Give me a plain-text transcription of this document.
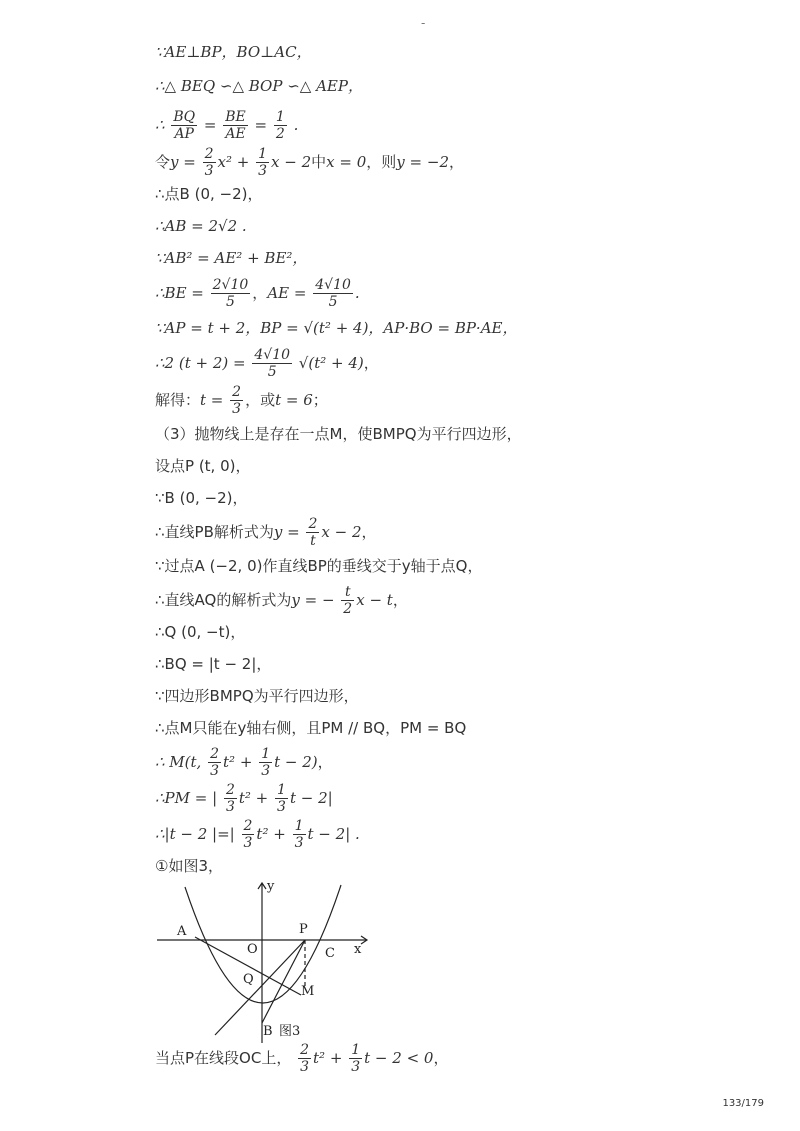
-
∵AE⊥BP，BO⊥AC，
∴△ BEQ ∽△ BOP ∽△ AEP，
∴ $\frac{BQ}{AP} = \frac{BE}{AE} = \frac{1}{2}$ .
令$y = \frac{2}{3} x^2 + \frac{1}{3}$ x − 2中x = 0，则y = −2，
∴点B (0, −2)，
∴AB = 2√2 .
∵AB² = AE² + BE²，
∴BE = $\frac{2√10}{5}$ ，AE = $\frac{4√10}{5}$ .
∵AP = t + 2，BP = √(t² + 4)，AP·BO = BP·AE，
∴2 $(t + 2) = \frac{4√10}{5} √(t^2 + 4)$，
解得：$t = \frac{2}{3}$ ，或t = 6；
（3）抛物线上是存在一点M，使BMPQ为平行四边形，
设点P (t, 0)，
∵B (0, −2)，
∴直线PB解析式为$y = \frac{2}{t}$ x − 2，
∵过点A (−2, 0)作直线BP的垂线交于y轴于点Q，
∴直线AQ的解析式为y = − $\frac{t}{2}$ x − t，
∴Q (0, −t)，
∴BQ = |t − 2|，
∵四边形BMPQ为平行四边形，
∴点M只能在y轴右侧，且PM // BQ，PM = BQ
∴ M(t, $\frac{2}{3} t^2 + \frac{1}{3}$ t − 2)，
∴PM = | $\frac{2}{3} t^2 + \frac{1}{3}$ t − 2|
∴|t − 2 |=| $\frac{2}{3} t^2 + \frac{1}{3}$ t − 2| .
①如图3，
当点P在线段OC上， $\frac{2}{3} t^2 + \frac{1}{3}$ t − 2 < 0，
A
O
P
C x
y
Q
M
B 图3
133/179
